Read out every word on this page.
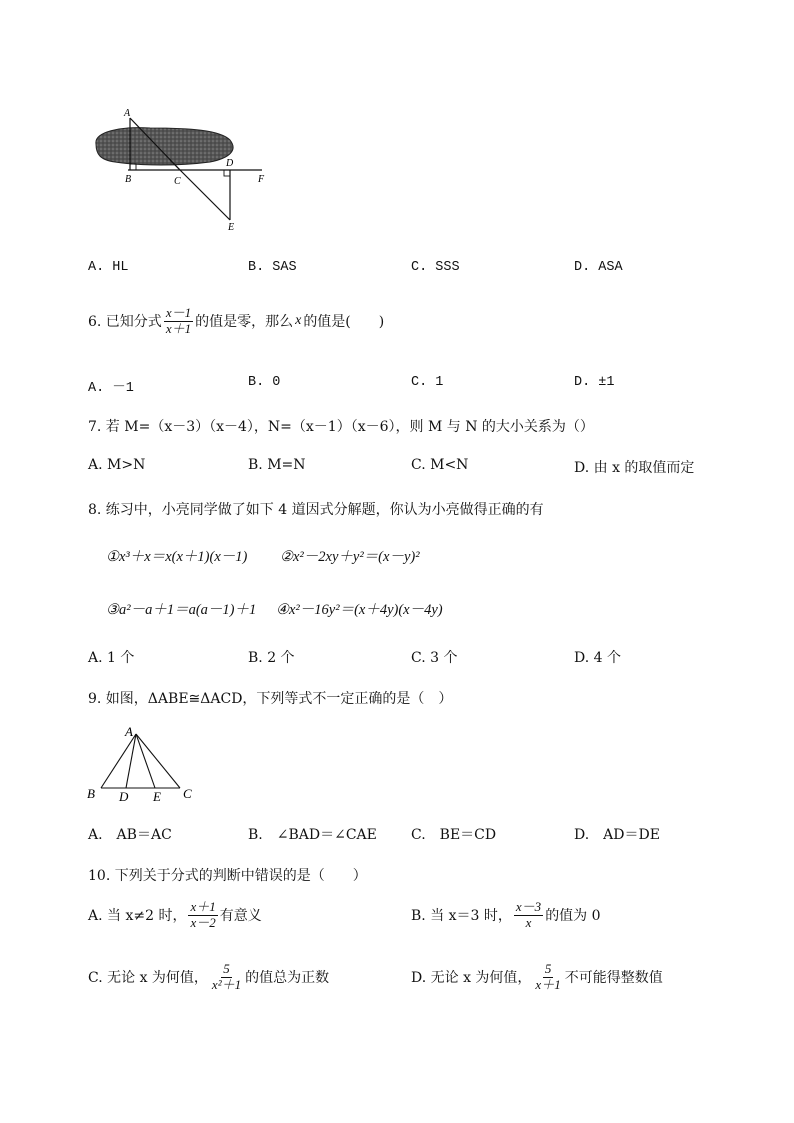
A
B	C
D
E
F
A. HL	B. SAS	C. SSS	D. ASA
6. 已知分式 $\frac{x-1}{x+1}$ 的值是零，那么 x 的值是(　　)
A. －1	B. 0	C. 1	D. ±1
7. 若 M=（x－3）（x－4），N=（x－1）（x－6），则 M 与 N 的大小关系为（）
A. M>N	B. M=N	C. M<N	D. 由 x 的取值而定
8. 练习中，小亮同学做了如下 4 道因式分解题，你认为小亮做得正确的有
①x³＋x＝x(x＋1)(x－1) ②x²－2xy＋y²＝(x－y)²
③a²－a＋1＝a(a－1)＋1 ④x²－16y²＝(x＋4y)(x－4y)
A. 1 个	B. 2 个	C. 3 个	D. 4 个
9. 如图，ΔABE≅ΔACD，下列等式不一定正确的是（　）
A
B D E C
A.　AB＝AC	B.　∠BAD＝∠CAE C.　BE＝CD	D.　AD＝DE
10. 下列关于分式的判断中错误的是（　　）
A. 当 x≠2 时， $\frac{x+1}{x-2}$ 有意义	B. 当 x＝3 时， $\frac{x-3}{x}$ 的值为 0
C. 无论 x 为何值， $\frac{5}{\text{x²＋1}}$ 的值总为正数	D. 无论 x 为何值， $\frac{5}{x+1}$ 不可能得整数值
